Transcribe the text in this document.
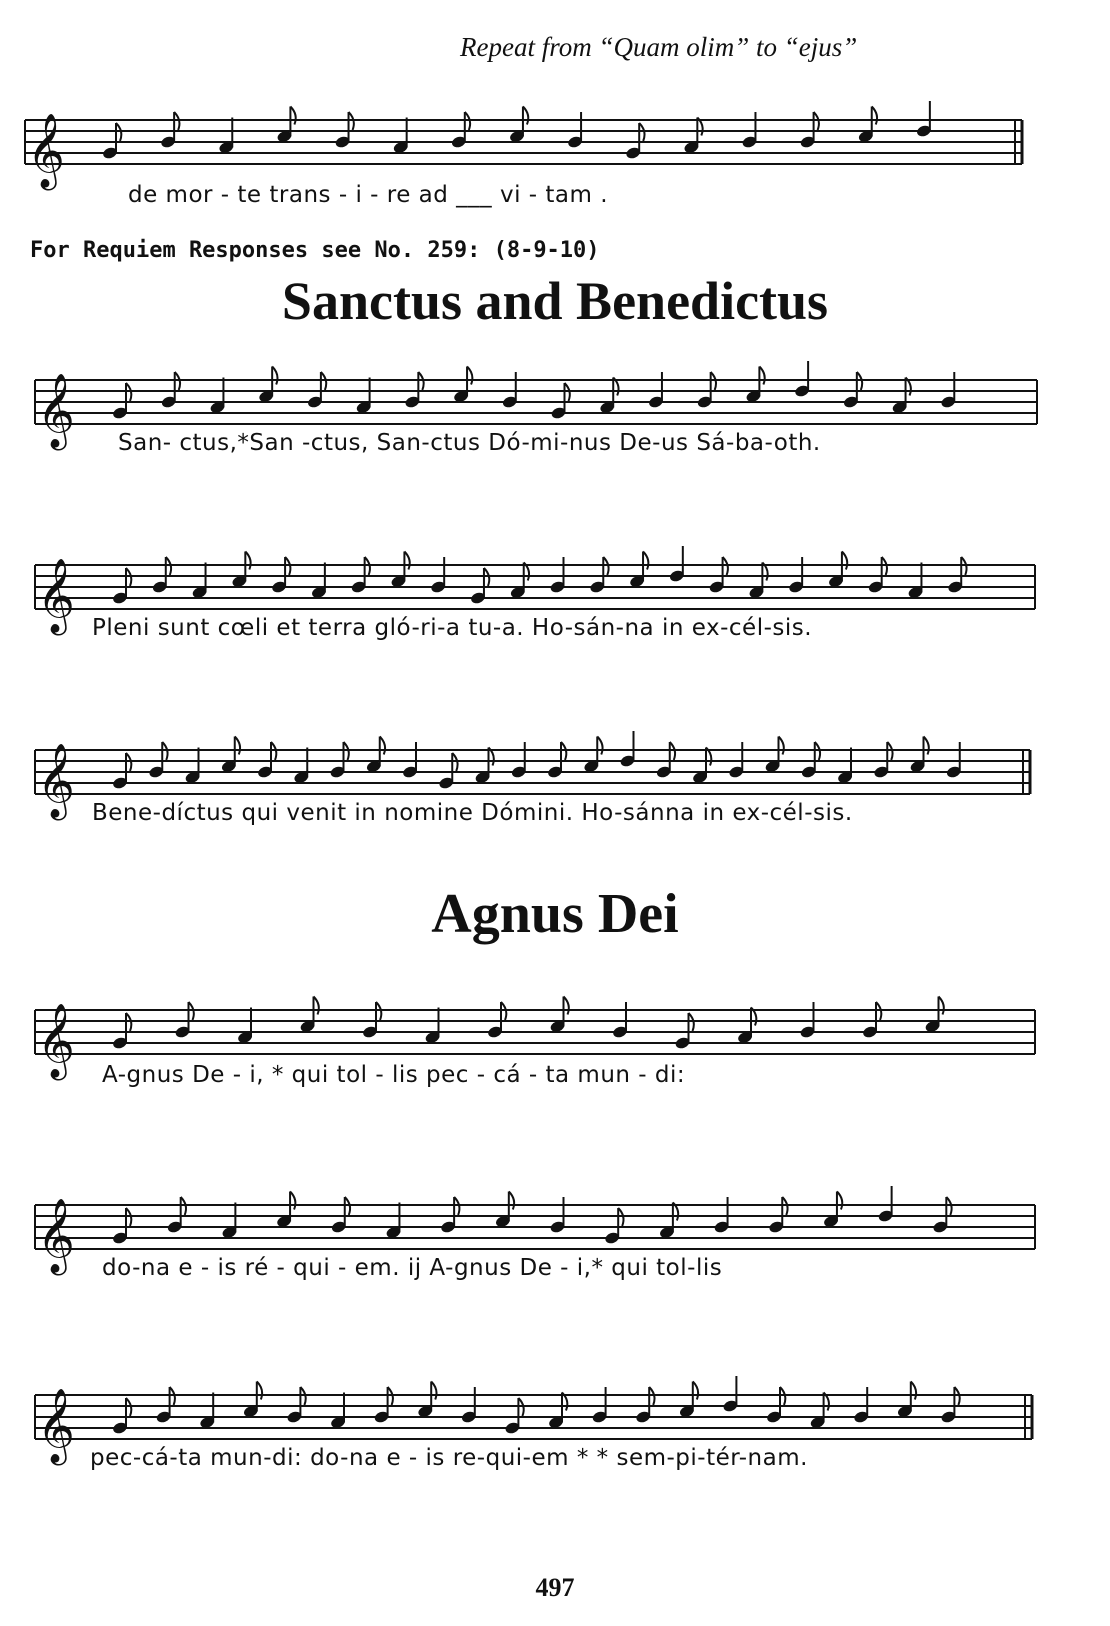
Repeat from “Quam olim” to “ejus”
𝄞
de mor - te trans - i - re ad ___ vi - tam .
For Requiem Responses see No. 259: (8-9-10)
Sanctus and Benedictus
𝄞 San- ctus,*San -ctus, San-ctus Dó-mi-nus De-us Sá-ba-oth.
𝄞 Pleni sunt cœli et terra gló-ri-a tu-a. Ho-sán-na in ex-cél-sis.
𝄞 Bene-díctus qui venit in nomine Dómini. Ho-sánna in ex-cél-sis.
Agnus Dei
𝄞 A-gnus De - i, * qui tol - lis pec - cá - ta mun - di:
𝄞 do-na e - is ré - qui - em. ij A-gnus De - i,* qui tol-lis
𝄞 pec-cá-ta mun-di: do-na e - is re-qui-em * * sem-pi-tér-nam.
497
